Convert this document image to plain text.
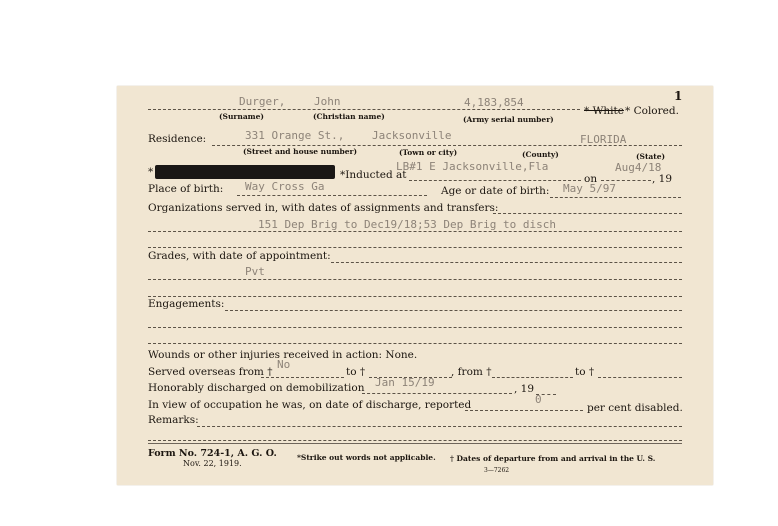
1
Durger,	John	4,183,854
* White * Colored.
(Surname)	(Christian name)	(Army serial number)
Residence:	331 Orange St.,	Jacksonville	FLORIDA
(Street and house number)	(Town or city)	(County)	(State)
*	*Inducted at
LB#1 E Jacksonville,Fla	Aug4/18
on	, 19
Place of birth: Way Cross Ga	Age or date of birth: May 5/97
Organizations served in, with dates of assignments and transfers:
151 Dep Brig to Dec19/18;53 Dep Brig to disch
Grades, with date of appointment:
Pvt
Engagements:
Wounds or other injuries received in action: None.
Served overseas from †
No
to †	, from †	to †
Honorably discharged on demobilization Jan 15/19	, 19
In view of occupation he was, on date of discharge, reported	0
per cent disabled.
Remarks:
Form No. 724-1, A. G. O.
Nov. 22, 1919.
*Strike out words not applicable. † Dates of departure from and arrival in the U. S.
3—7262
